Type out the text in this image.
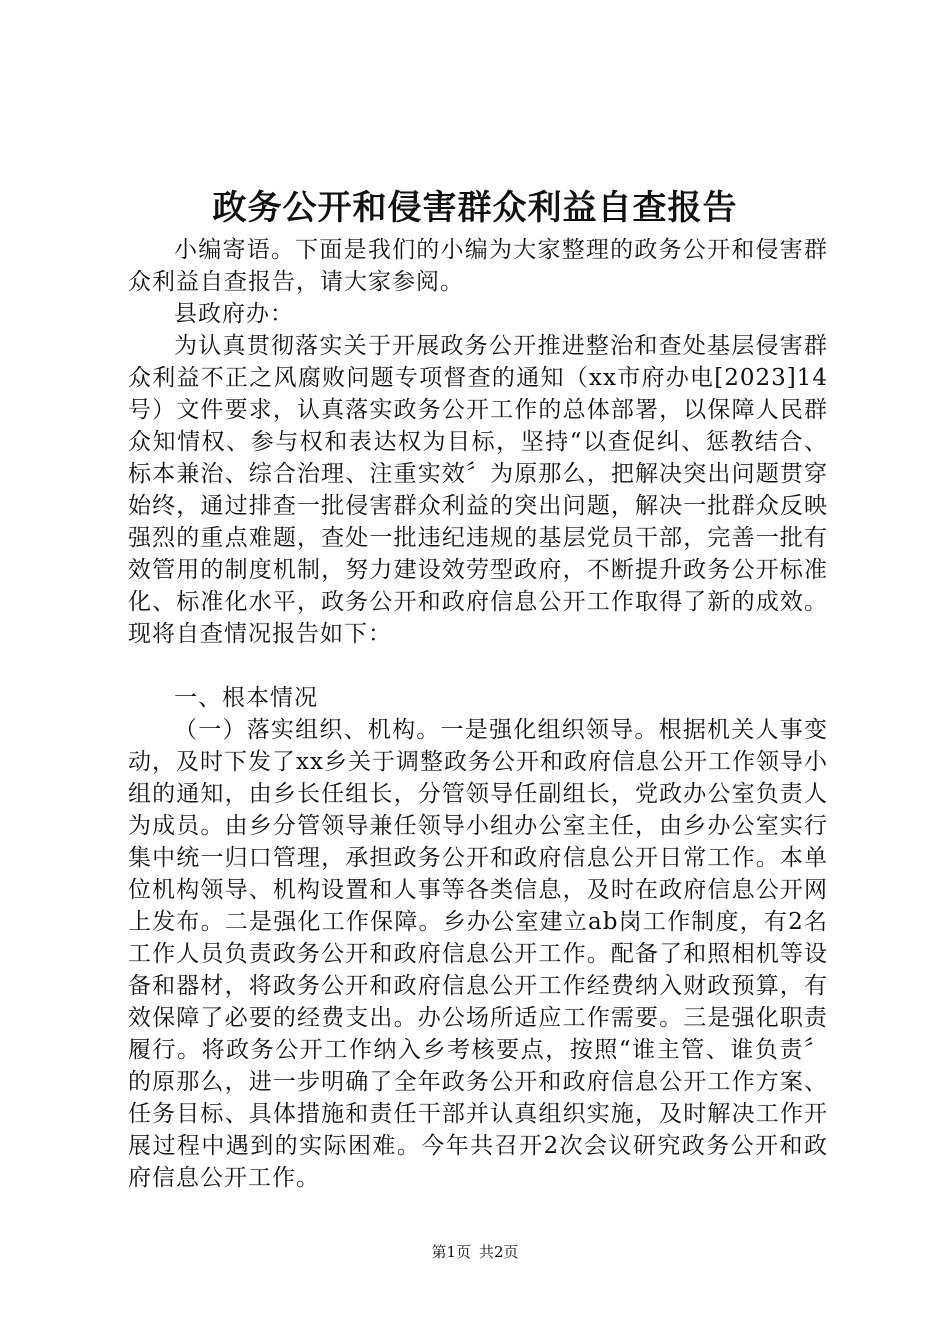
政务公开和侵害群众利益自查报告

小编寄语。下面是我们的小编为大家整理的政务公开和侵害群众利益自查报告，请大家参阅。

县政府办：

为认真贯彻落实关于开展政务公开推进整治和查处基层侵害群众利益不正之风腐败问题专项督查的通知（xx市府办电[2023]14号）文件要求，认真落实政务公开工作的总体部署，以保障人民群众知情权、参与权和表达权为目标，坚持“以查促纠、惩教结合、标本兼治、综合治理、注重实效〞为原那么，把解决突出问题贯穿始终，通过排查一批侵害群众利益的突出问题，解决一批群众反映强烈的重点难题，查处一批违纪违规的基层党员干部，完善一批有效管用的制度机制，努力建设效劳型政府，不断提升政务公开标准化、标准化水平，政务公开和政府信息公开工作取得了新的成效。现将自查情况报告如下：

一、根本情况

（一）落实组织、机构。一是强化组织领导。根据机关人事变动，及时下发了xx乡关于调整政务公开和政府信息公开工作领导小组的通知，由乡长任组长，分管领导任副组长，党政办公室负责人为成员。由乡分管领导兼任领导小组办公室主任，由乡办公室实行集中统一归口管理，承担政务公开和政府信息公开日常工作。本单位机构领导、机构设置和人事等各类信息，及时在政府信息公开网上发布。二是强化工作保障。乡办公室建立ab岗工作制度，有2名工作人员负责政务公开和政府信息公开工作。配备了和照相机等设备和器材，将政务公开和政府信息公开工作经费纳入财政预算，有效保障了必要的经费支出。办公场所适应工作需要。三是强化职责履行。将政务公开工作纳入乡考核要点，按照“谁主管、谁负责〞的原那么，进一步明确了全年政务公开和政府信息公开工作方案、任务目标、具体措施和责任干部并认真组织实施，及时解决工作开展过程中遇到的实际困难。今年共召开2次会议研究政务公开和政府信息公开工作。

第1页 共2页
